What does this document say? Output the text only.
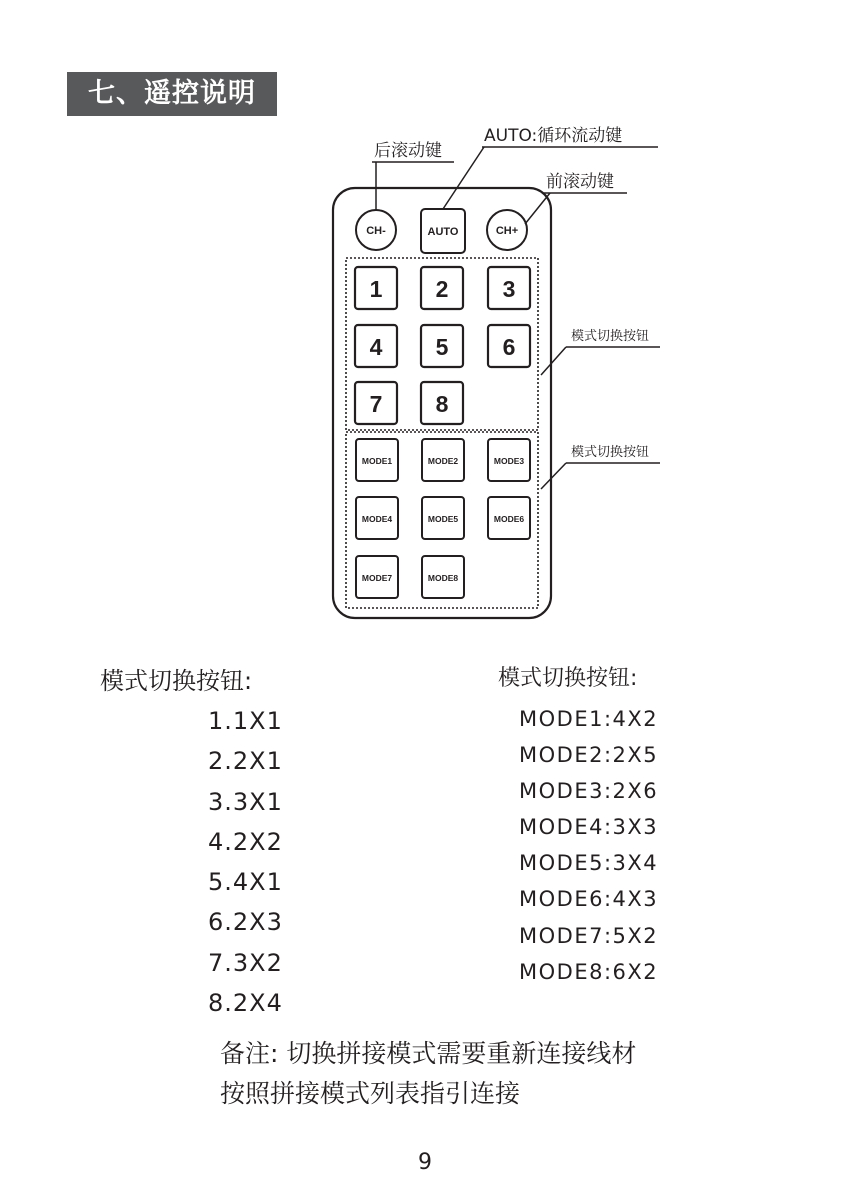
七、遥控说明
CH-	AUTO	CH+
1 2 3
4 5 6
7 8
MODE1	MODE2	MODE3
MODE4	MODE5	MODE6
MODE7	MODE8
后滚动键
AUTO:循环流动键
前滚动键
模式切换按钮
模式切换按钮
模式切换按钮:
1.1X1
2.2X1
3.3X1
4.2X2
5.4X1
6.2X3
7.3X2
8.2X4
模式切换按钮:
MODE1:4X2
MODE2:2X5
MODE3:2X6
MODE4:3X3
MODE5:3X4
MODE6:4X3
MODE7:5X2
MODE8:6X2
备注: 切换拼接模式需要重新连接线材
按照拼接模式列表指引连接
9
